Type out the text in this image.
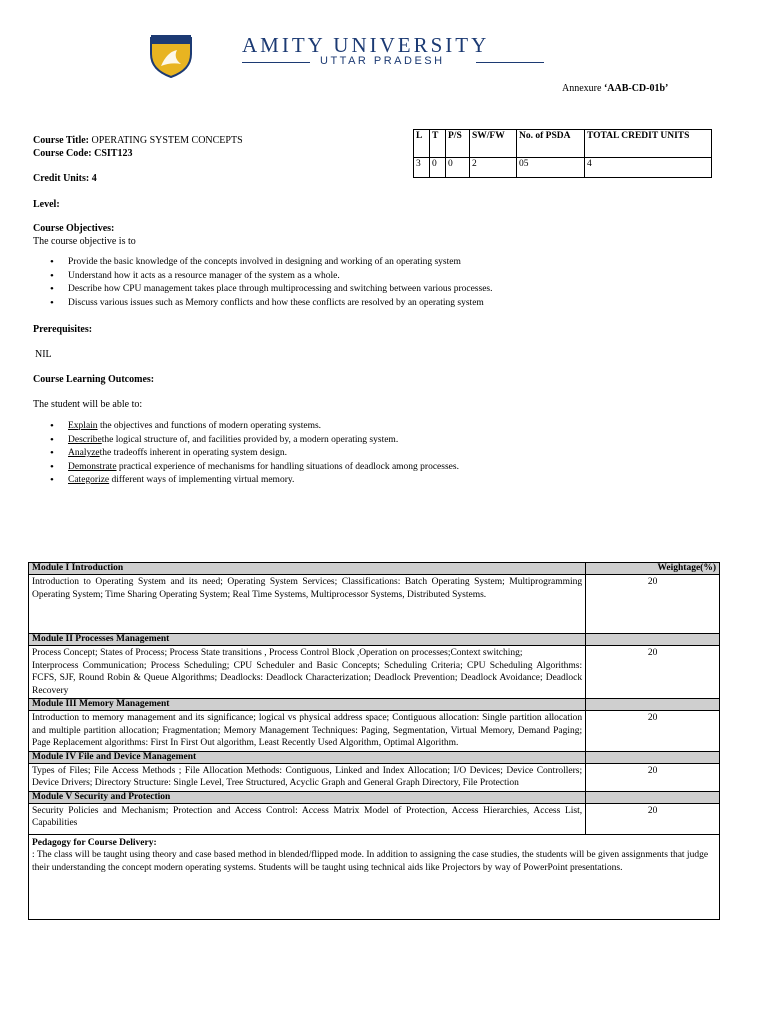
AMITY UNIVERSITY
UTTAR PRADESH
Annexure ‘AAB-CD-01b’
Course Title: OPERATING SYSTEM CONCEPTS
Course Code: CSIT123
Credit Units: 4
Level:
L	T	P/S	SW/FW	No. of PSDA	TOTAL CREDIT UNITS
3	0	0	2	05	4
Course Objectives:
The course objective is to
• Provide the basic knowledge of the concepts involved in designing and working of an operating system
• Understand how it acts as a resource manager of the system as a whole.
• Describe how CPU management takes place through multiprocessing and switching between various processes.
• Discuss various issues such as Memory conflicts and how these conflicts are resolved by an operating system
Prerequisites:
NIL
Course Learning Outcomes:
The student will be able to:
• Explain the objectives and functions of modern operating systems.
• Describethe logical structure of, and facilities provided by, a modern operating system.
• Analyzethe tradeoffs inherent in operating system design.
• Demonstrate practical experience of mechanisms for handling situations of deadlock among processes.
• Categorize different ways of implementing virtual memory.
Module I Introduction	Weightage(%)
Introduction to Operating System and its need; Operating System Services; Classifications: Batch Operating System; Multiprogramming Operating System; Time Sharing Operating System; Real Time Systems, Multiprocessor Systems, Distributed Systems.	20
Module II Processes Management	
Process Concept; States of Process; Process State transitions , Process Control Block ,Operation on processes;Context switching;
Interprocess Communication; Process Scheduling; CPU Scheduler and Basic Concepts; Scheduling Criteria; CPU Scheduling Algorithms: FCFS, SJF, Round Robin & Queue Algorithms; Deadlocks: Deadlock Characterization; Deadlock Prevention; Deadlock Avoidance; Deadlock Recovery	20
Module III Memory Management	
Introduction to memory management and its significance; logical vs physical address space; Contiguous allocation: Single partition allocation and multiple partition allocation; Fragmentation; Memory Management Techniques: Paging, Segmentation, Virtual Memory, Demand Paging; Page Replacement algorithms: First In First Out algorithm, Least Recently Used Algorithm, Optimal Algorithm.	20
Module IV File and Device Management	
Types of Files; File Access Methods ; File Allocation Methods: Contiguous, Linked and Index Allocation; I/O Devices; Device Controllers; Device Drivers; Directory Structure: Single Level, Tree Structured, Acyclic Graph and General Graph Directory, File Protection	20
Module V Security and Protection	
Security Policies and Mechanism; Protection and Access Control: Access Matrix Model of Protection, Access Hierarchies, Access List, Capabilities	20

Pedagogy for Course Delivery:
: The class will be taught using theory and case based method in blended/flipped mode. In addition to assigning the case studies, the students will be given assignments that judge their understanding the concept modern operating systems. Students will be taught using technical aids like Projectors by way of PowerPoint presentations.	
